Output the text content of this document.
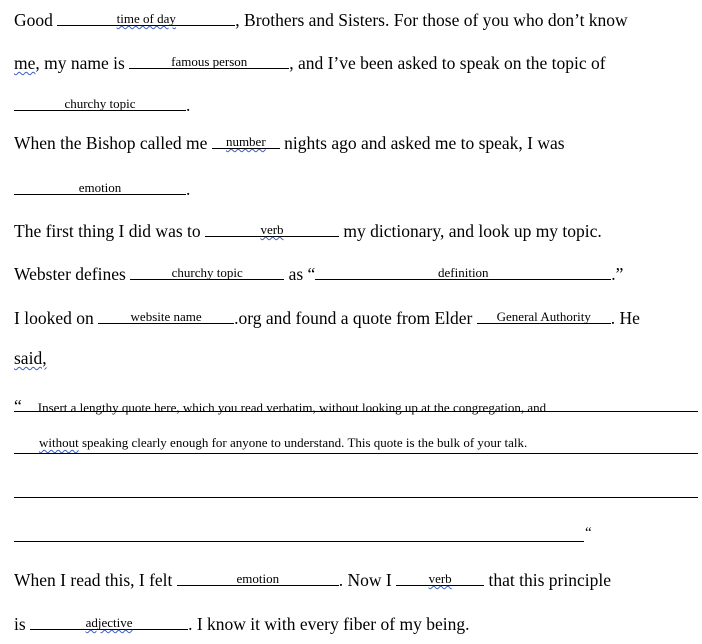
Good	time of day	, Brothers and Sisters. For those of you who don’t know
me, my name is	famous person	, and I’ve been asked to speak on the topic of
churchy topic	.
When the Bishop called me	number	nights ago and asked me to speak, I was
emotion	.
The first thing I did was to	verb	my dictionary, and look up my topic.
Webster defines	churchy topic	as “	definition	.”
I looked on	website name	.org and found a quote from Elder	General Authority	. He
said,
“ Insert a lengthy quote here, which you read verbatim, without looking up at the congregation, and
without speaking clearly enough for anyone to understand. This quote is the bulk of your talk.
“
When I read this, I felt	emotion	. Now I	verb	that this principle
is	adjective	. I know it with every fiber of my being.
